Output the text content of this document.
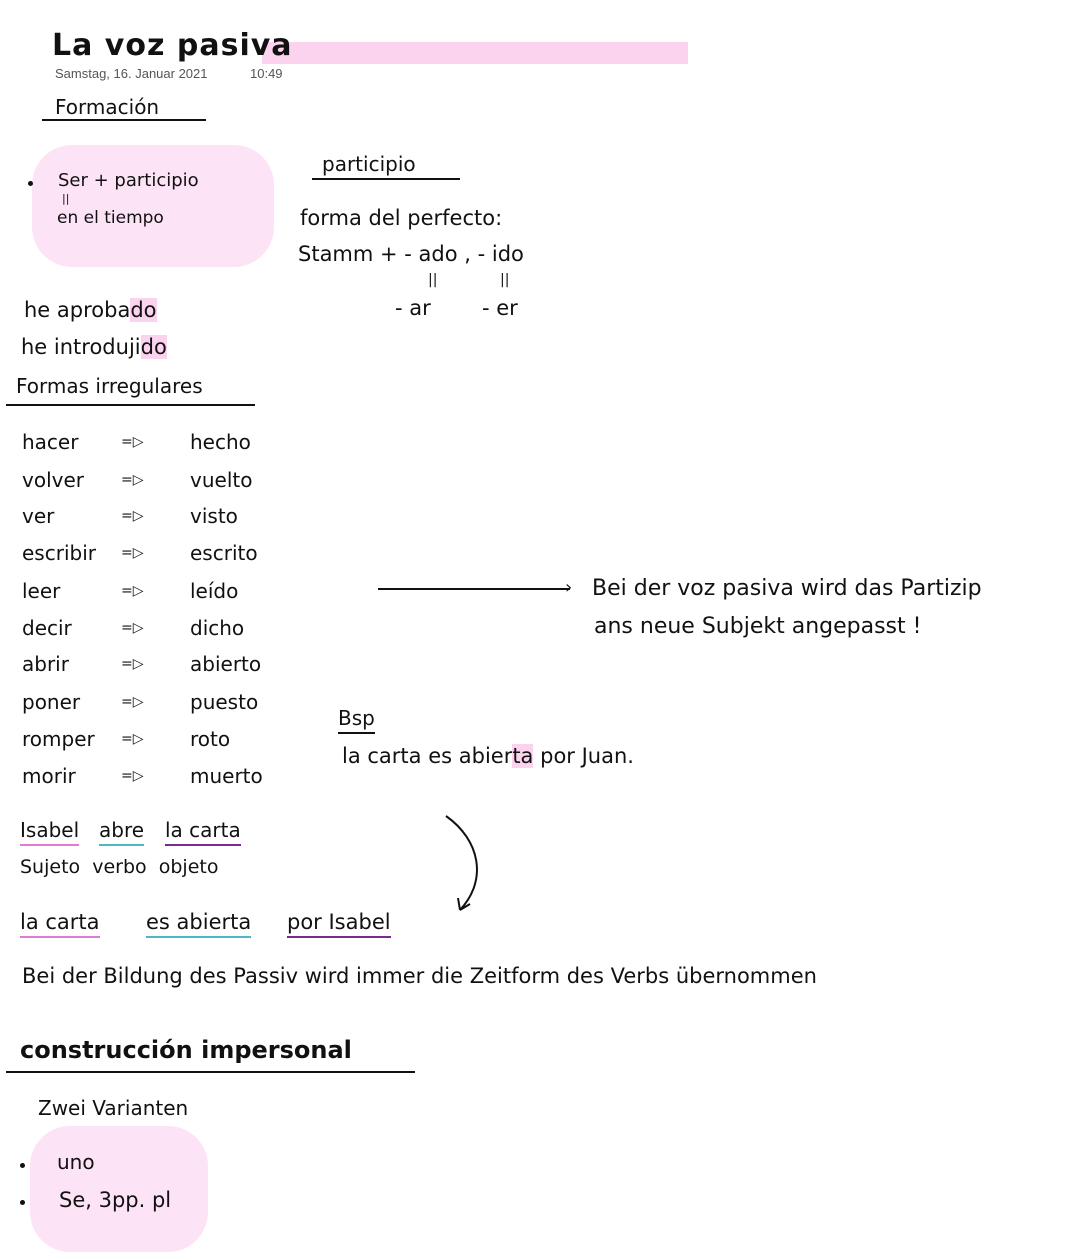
La voz pasiva
Samstag, 16. Januar 2021	10:49
Formación
Ser + participio
||
en el tiempo
participio
forma del perfecto:
Stamm + - ado , - ido
||	||
- ar - er
he aprobado
he introdujido
Formas irregulares
hacer	=▷ hecho
volver	=▷ vuelto
ver	=▷ visto
escribir =▷ escrito
leer	=▷ leído
decir	=▷ dicho
abrir	=▷ abierto
poner	=▷ puesto
romper =▷ roto
morir	=▷ muerto
› Bei der voz pasiva wird das Partizip
ans neue Subjekt angepasst !
Bsp
la carta es abierta por Juan.
Isabel abre la carta
Sujeto  verbo  objeto
la carta es abierta por Isabel
Bei der Bildung des Passiv wird immer die Zeitform des Verbs übernommen
construcción impersonal
Zwei Varianten
uno
Se, 3pp. pl
